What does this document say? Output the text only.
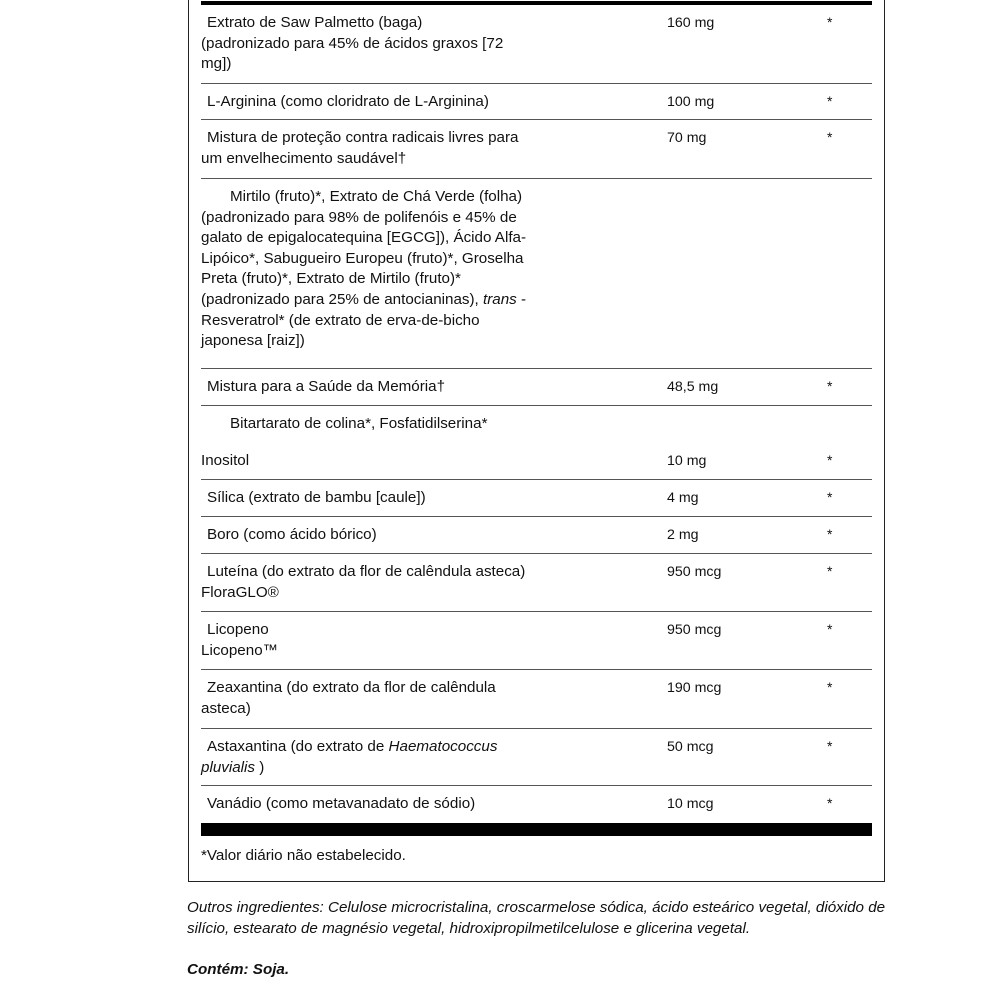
Extrato de Saw Palmetto (baga)
(padronizado para 45% de ácidos graxos [72
mg])
160 mg	*
L-Arginina (como cloridrato de L-Arginina)	100 mg	*
Mistura de proteção contra radicais livres para
um envelhecimento saudável†
70 mg	*
Mirtilo (fruto)*, Extrato de Chá Verde (folha)
(padronizado para 98% de polifenóis e 45% de
galato de epigalocatequina [EGCG]), Ácido Alfa-
Lipóico*, Sabugueiro Europeu (fruto)*, Groselha
Preta (fruto)*, Extrato de Mirtilo (fruto)*
(padronizado para 25% de antocianinas), trans -
Resveratrol* (de extrato de erva-de-bicho
japonesa [raiz])
Mistura para a Saúde da Memória†	48,5 mg	*
Bitartarato de colina*, Fosfatidilserina*
Inositol	10 mg	*
Sílica (extrato de bambu [caule])	4 mg	*
Boro (como ácido bórico)	2 mg	*
Luteína (do extrato da flor de calêndula asteca)
FloraGLO®
950 mcg	*
Licopeno
Licopeno™
950 mcg	*
Zeaxantina (do extrato da flor de calêndula
asteca)
190 mcg	*
Astaxantina (do extrato de Haematococcus
pluvialis )
50 mcg	*
Vanádio (como metavanadato de sódio)	10 mcg	*
*Valor diário não estabelecido.
Outros ingredientes: Celulose microcristalina, croscarmelose sódica, ácido esteárico vegetal, dióxido de silício, estearato de magnésio vegetal, hidroxipropilmetilcelulose e glicerina vegetal.
Contém: Soja.
